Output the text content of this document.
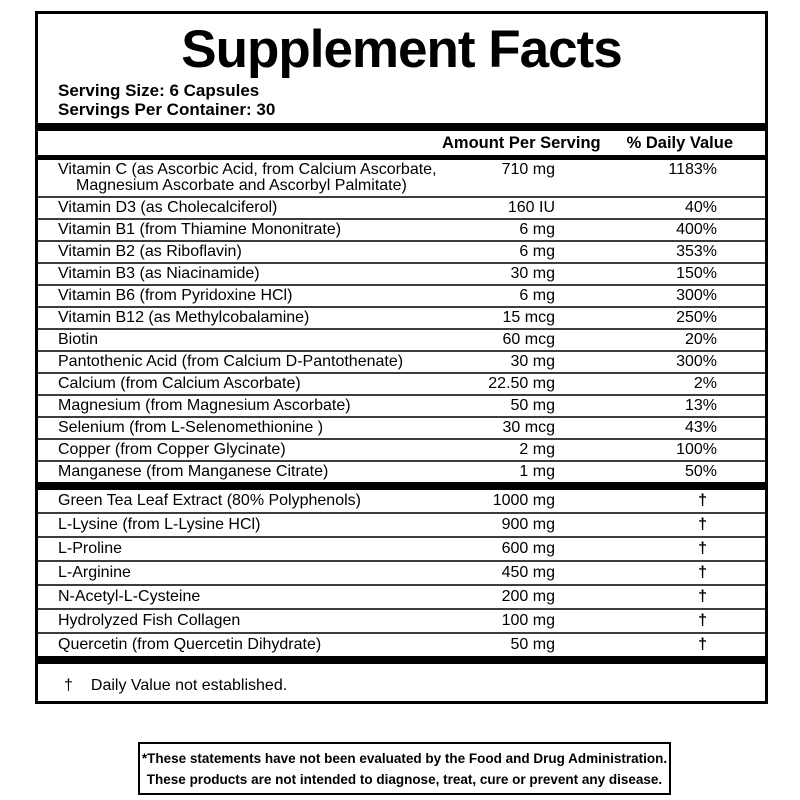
Supplement Facts
Serving Size: 6 Capsules
Servings Per Container: 30
Amount Per Serving % Daily Value
Vitamin C (as Ascorbic Acid, from Calcium Ascorbate,
Magnesium Ascorbate and Ascorbyl Palmitate)
710 mg	1183%
Vitamin D3 (as Cholecalciferol)	160 IU	40%
Vitamin B1 (from Thiamine Mononitrate)	6 mg	400%
Vitamin B2 (as Riboflavin)	6 mg	353%
Vitamin B3 (as Niacinamide)	30 mg	150%
Vitamin B6 (from Pyridoxine HCl)	6 mg	300%
Vitamin B12 (as Methylcobalamine)	15 mcg	250%
Biotin	60 mcg	20%
Pantothenic Acid (from Calcium D-Pantothenate)	30 mg	300%
Calcium (from Calcium Ascorbate)	22.50 mg	2%
Magnesium (from Magnesium Ascorbate)	50 mg	13%
Selenium (from L-Selenomethionine )	30 mcg	43%
Copper (from Copper Glycinate)	2 mg	100%
Manganese (from Manganese Citrate)	1 mg	50%
Green Tea Leaf Extract (80% Polyphenols)	1000 mg	†
L-Lysine (from L-Lysine HCl)	900 mg	†
L-Proline	600 mg	†
L-Arginine	450 mg	†
N-Acetyl-L-Cysteine	200 mg	†
Hydrolyzed Fish Collagen	100 mg	†
Quercetin (from Quercetin Dihydrate)	50 mg	†
† Daily Value not established.
*These statements have not been evaluated by the Food and Drug Administration.
These products are not intended to diagnose, treat, cure or prevent any disease.
